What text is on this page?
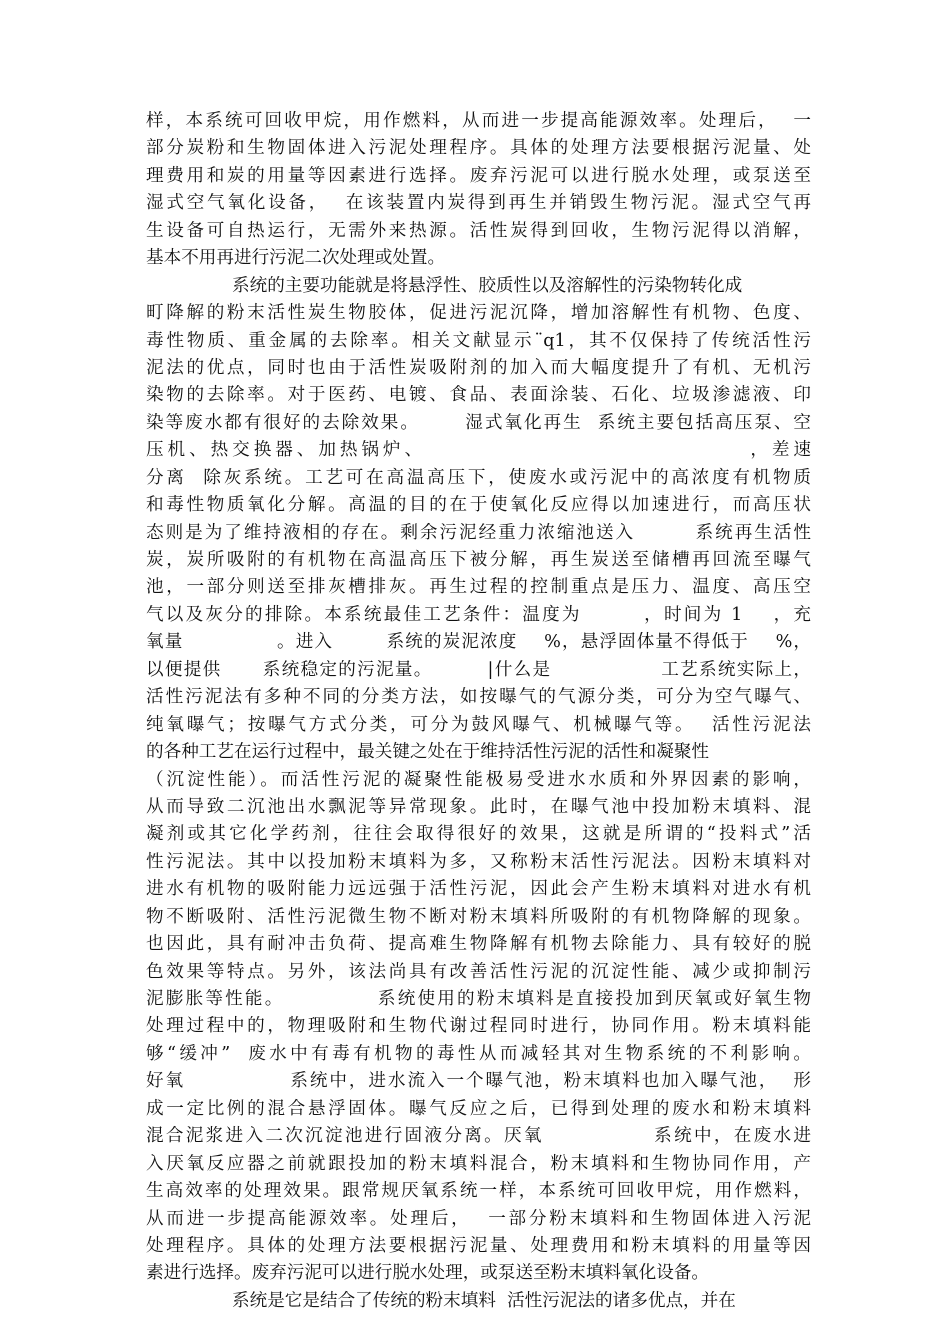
样，本系统可回收甲烷，用作燃料，从而进一步提高能源效率。处理后，  一
部分炭粉和生物固体进入污泥处理程序。具体的处理方法要根据污泥量、处
理费用和炭的用量等因素进行选择。废弃污泥可以进行脱水处理，或泵送至
湿式空气氧化设备，  在该装置内炭得到再生并销毁生物污泥。湿式空气再
生设备可自热运行，无需外来热源。活性炭得到回收，生物污泥得以消解，
基本不用再进行污泥二次处理或处置。
系统的主要功能就是将悬浮性、胶质性以及溶解性的污染物转化成
町降解的粉末活性炭生物胶体，促进污泥沉降，增加溶解性有机物、色度、
毒性物质、重金属的去除率。相关文献显示¨q1，其不仅保持了传统活性污
泥法的优点，同时也由于活性炭吸附剂的加入而大幅度提升了有机、无机污
染物的去除率。对于医药、电镀、食品、表面涂装、石化、垃圾渗滤液、印
染等废水都有很好的去除效果。      湿式氧化再生  系统主要包括高压泵、空
压机、热交换器、加热锅炉、                                  ，差速
分离  除灰系统。工艺可在高温高压下，使废水或污泥中的高浓度有机物质
和毒性物质氧化分解。高温的目的在于使氧化反应得以加速进行，而高压状
态则是为了维持液相的存在。剩余污泥经重力浓缩池送入        系统再生活性
炭，炭所吸附的有机物在高温高压下被分解，再生炭送至储槽再回流至曝气
池，一部分则送至排灰槽排灰。再生过程的控制重点是压力、温度、高压空
气以及灰分的排除。本系统最佳工艺条件：温度为        ，时间为 1    ，充
氧量              。进入        系统的炭泥浓度    %，悬浮固体量不得低于    %，
以便提供      系统稳定的污泥量。        |什么是                工艺系统实际上，
活性污泥法有多种不同的分类方法，如按曝气的气源分类，可分为空气曝气、
纯氧曝气；按曝气方式分类，可分为鼓风曝气、机械曝气等。  活性污泥法
的各种工艺在运行过程中，最关键之处在于维持活性污泥的活性和凝聚性
（沉淀性能）。而活性污泥的凝聚性能极易受进水水质和外界因素的影响，
从而导致二沉池出水飘泥等异常现象。此时，在曝气池中投加粉末填料、混
凝剂或其它化学药剂，往往会取得很好的效果，这就是所谓的“投料式”活
性污泥法。其中以投加粉末填料为多，又称粉末活性污泥法。因粉末填料对
进水有机物的吸附能力远远强于活性污泥，因此会产生粉末填料对进水有机
物不断吸附、活性污泥微生物不断对粉末填料所吸附的有机物降解的现象。
也因此，具有耐冲击负荷、提高难生物降解有机物去除能力、具有较好的脱
色效果等特点。另外，该法尚具有改善活性污泥的沉淀性能、减少或抑制污
泥膨胀等性能。            系统使用的粉末填料是直接投加到厌氧或好氧生物
处理过程中的，物理吸附和生物代谢过程同时进行，协同作用。粉末填料能
够“缓冲”  废水中有毒有机物的毒性从而减轻其对生物系统的不利影响。
好氧              系统中，进水流入一个曝气池，粉末填料也加入曝气池，  形
成一定比例的混合悬浮固体。曝气反应之后，已得到处理的废水和粉末填料
混合泥浆进入二次沉淀池进行固液分离。厌氧              系统中，在废水进
入厌氧反应器之前就跟投加的粉末填料混合，粉末填料和生物协同作用，产
生高效率的处理效果。跟常规厌氧系统一样，本系统可回收甲烷，用作燃料，
从而进一步提高能源效率。处理后，  一部分粉末填料和生物固体进入污泥
处理程序。具体的处理方法要根据污泥量、处理费用和粉末填料的用量等因
素进行选择。废弃污泥可以进行脱水处理，或泵送至粉末填料氧化设备。
系统是它是结合了传统的粉末填料  活性污泥法的诸多优点，并在
